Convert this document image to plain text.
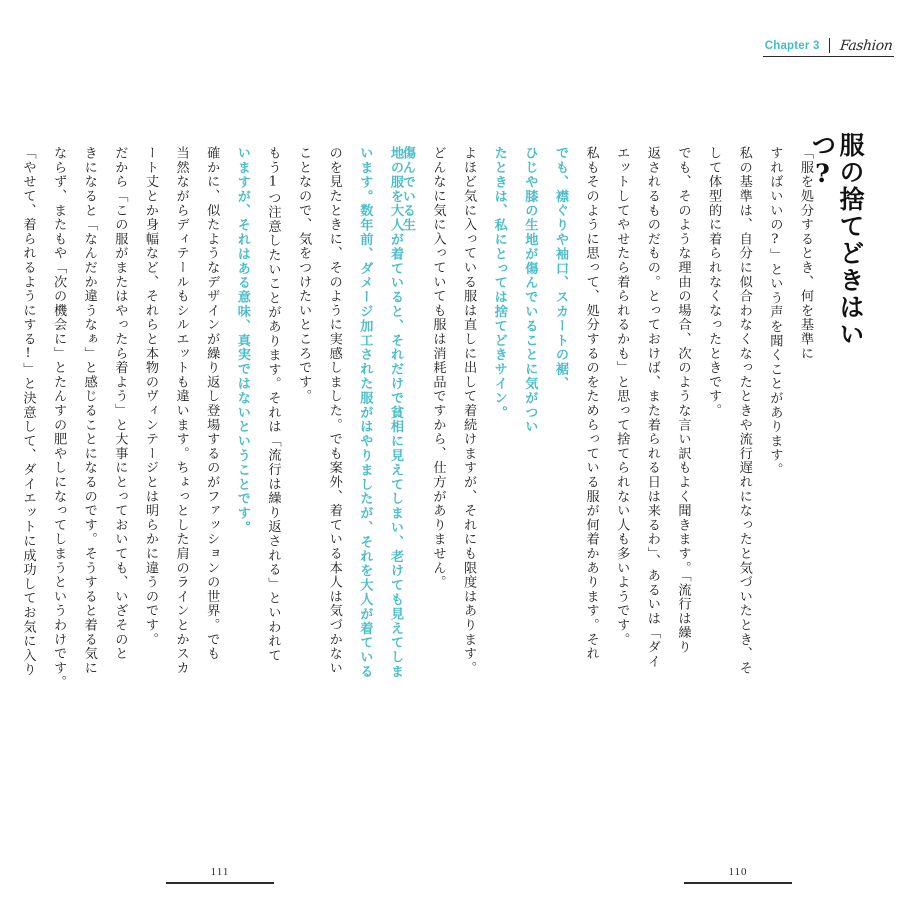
Chapter 3 Fashion
服の捨てどきはいつ?
「服を処分するとき、何を基準に
すればいいの?」という声を聞くことがあります。
私の基準は、自分に似合わなくなったときや流行遅れになったと気づいたとき、そ
して体型的に着られなくなったときです。
でも、そのような理由の場合、次のような言い訳もよく聞きます。「流行は繰り
返されるものだもの。とっておけば、また着られる日は来るわ」、あるいは「ダイ
エットしてやせたら着られるかも」と思って捨てられない人も多いようです。
私もそのように思って、処分するのをためらっている服が何着かあります。それ
でも、襟ぐりや袖口、スカートの裾、
ひじや膝の生地が傷んでいることに気がつい
たときは、私にとっては捨てどきサイン。
よほど気に入っている服は直しに出して着続けますが、それにも限度はあります。
どんなに気に入っていても服は消耗品ですから、仕方がありません。
傷んでいる生
110
地の服を大人が着ていると、それだけで貧相に見えてしまい、老けても見えてしま
います。数年前、ダメージ加工された服がはやりましたが、それを大人が着ている
のを見たときに、そのように実感しました。でも案外、着ている本人は気づかない
ことなので、気をつけたいところです。
もう1つ注意したいことがあります。それは「流行は繰り返される」といわれて
いますが、それはある意味、真実ではないということです。
確かに、似たようなデザインが繰り返し登場するのがファッションの世界。でも
当然ながらディテールもシルエットも違います。ちょっとした肩のラインとかスカ
ート丈とか身幅など、それらと本物のヴィンテージとは明らかに違うのです。
だから「この服がまたはやったら着よう」と大事にとっておいても、いざそのと
きになると「なんだか違うなぁ」と感じることになるのです。そうすると着る気に
ならず、またもや「次の機会に」とたんすの肥やしになってしまうというわけです。
「やせて、着られるようにする!」と決意して、ダイエットに成功してお気に入り
111
